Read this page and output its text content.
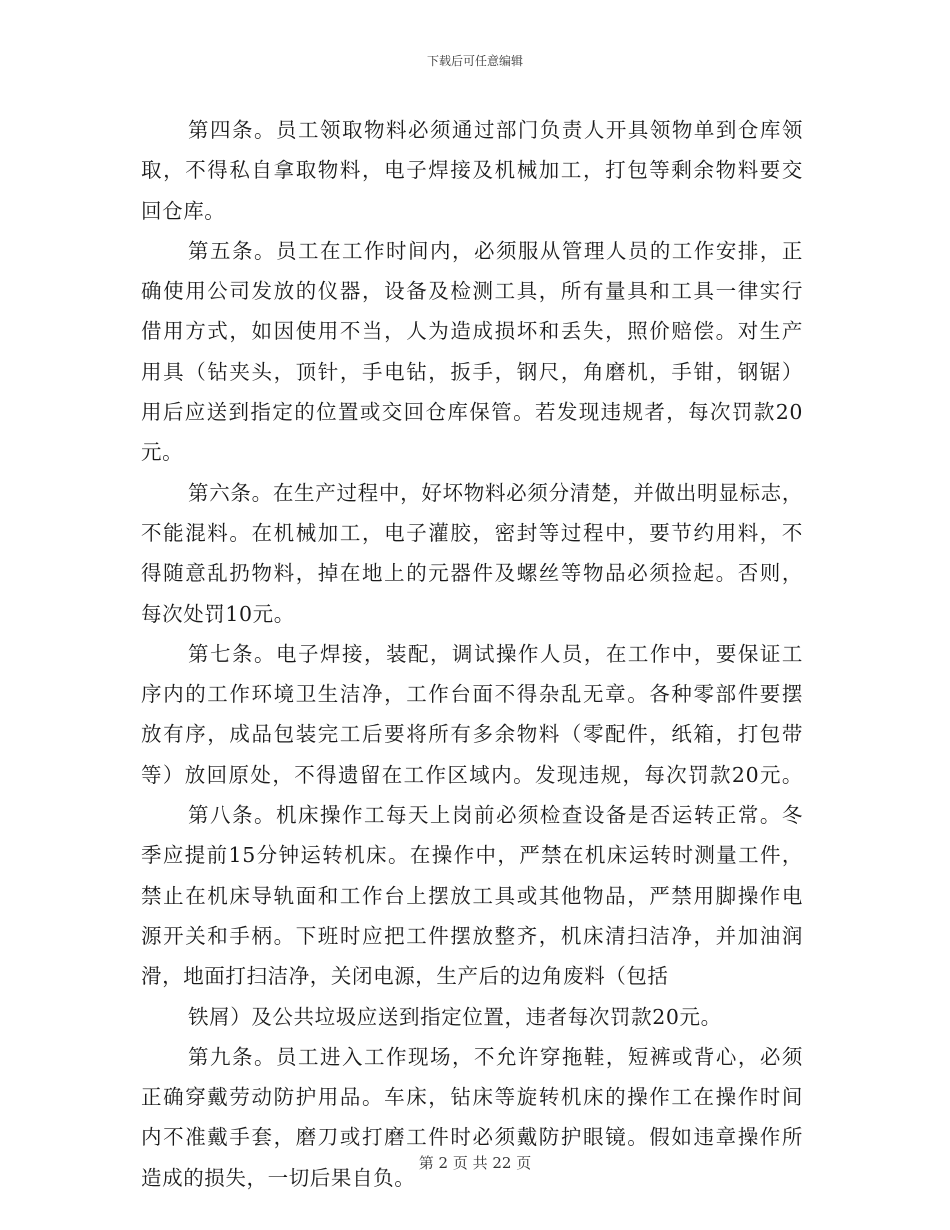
下载后可任意编辑
第四条。员工领取物料必须通过部门负责人开具领物单到仓库领
取，不得私自拿取物料，电子焊接及机械加工，打包等剩余物料要交
回仓库。
第五条。员工在工作时间内，必须服从管理人员的工作安排，正
确使用公司发放的仪器，设备及检测工具，所有量具和工具一律实行
借用方式，如因使用不当，人为造成损坏和丢失，照价赔偿。对生产
用具（钻夹头，顶针，手电钻，扳手，钢尺，角磨机，手钳，钢锯）
用后应送到指定的位置或交回仓库保管。若发现违规者，每次罚款20
元。
第六条。在生产过程中，好坏物料必须分清楚，并做出明显标志，
不能混料。在机械加工，电子灌胶，密封等过程中，要节约用料，不
得随意乱扔物料，掉在地上的元器件及螺丝等物品必须捡起。否则，
每次处罚10元。
第七条。电子焊接，装配，调试操作人员，在工作中，要保证工
序内的工作环境卫生洁净，工作台面不得杂乱无章。各种零部件要摆
放有序，成品包装完工后要将所有多余物料（零配件，纸箱，打包带
等）放回原处，不得遗留在工作区域内。发现违规，每次罚款20元。
第八条。机床操作工每天上岗前必须检查设备是否运转正常。冬
季应提前15分钟运转机床。在操作中，严禁在机床运转时测量工件，
禁止在机床导轨面和工作台上摆放工具或其他物品，严禁用脚操作电
源开关和手柄。下班时应把工件摆放整齐，机床清扫洁净，并加油润
滑，地面打扫洁净，关闭电源，生产后的边角废料（包括
铁屑）及公共垃圾应送到指定位置，违者每次罚款20元。
第九条。员工进入工作现场，不允许穿拖鞋，短裤或背心，必须
正确穿戴劳动防护用品。车床，钻床等旋转机床的操作工在操作时间
内不准戴手套，磨刀或打磨工件时必须戴防护眼镜。假如违章操作所
造成的损失，一切后果自负。
第 2 页 共 22 页
